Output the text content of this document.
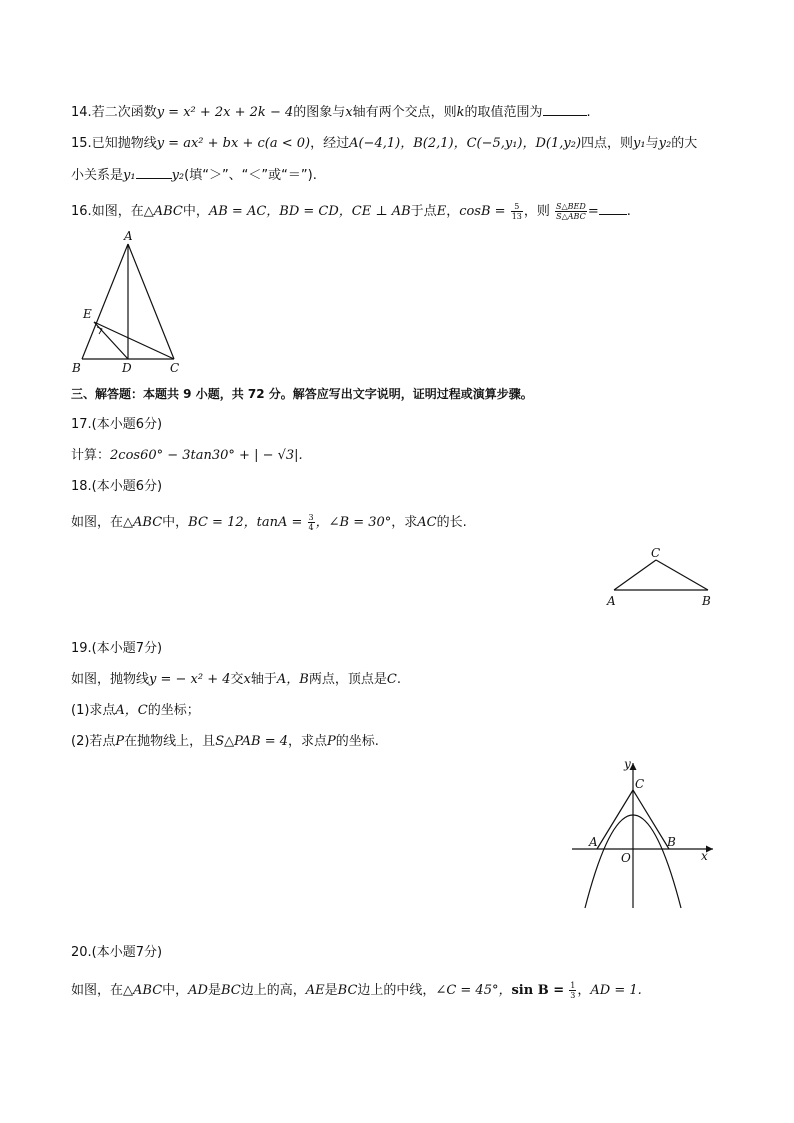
14.若二次函数y = x² + 2x + 2k − 4的图象与x轴有两个交点，则k的取值范围为	.
15.已知抛物线y = ax² + bx + c(a < 0)，经过A(−4,1)，B(2,1)，C(−5,y₁)，D(1,y₂)四点，则y₁与y₂的大
小关系是y₁	y₂(填“＞”、“＜”或“＝”).
16.如图，在△ABC中，AB = AC，BD = CD，CE ⊥ AB于点E，$\cos B = \frac{5}{13}$ ，则 $\frac{\text{S△BED}}{\text{S△ABC}}$ = .
A
B	D	C
E
三、解答题：本题共 9 小题，共 72 分。解答应写出文字说明，证明过程或演算步骤。
17.(本小题6分)
计算：2cos60° − 3tan30° + | − √3|.
18.(本小题6分)
如图，在△ABC中，BC = 12，$\tan A = \frac{3}{4}$ ，∠B = 30°，求AC的长.
C
A	B
19.(本小题7分)
如图，抛物线y = − x² + 4交x轴于A，B两点，顶点是C.
(1)求点A，C的坐标；
(2)若点P在抛物线上，且S△PAB = 4，求点P的坐标.
y
C
A	B
O	x
20.(本小题7分)
如图，在△ABC中，AD是BC边上的高，AE是BC边上的中线，∠C = 45°，$\sin B = \frac{1}{3}$ ，AD = 1.
